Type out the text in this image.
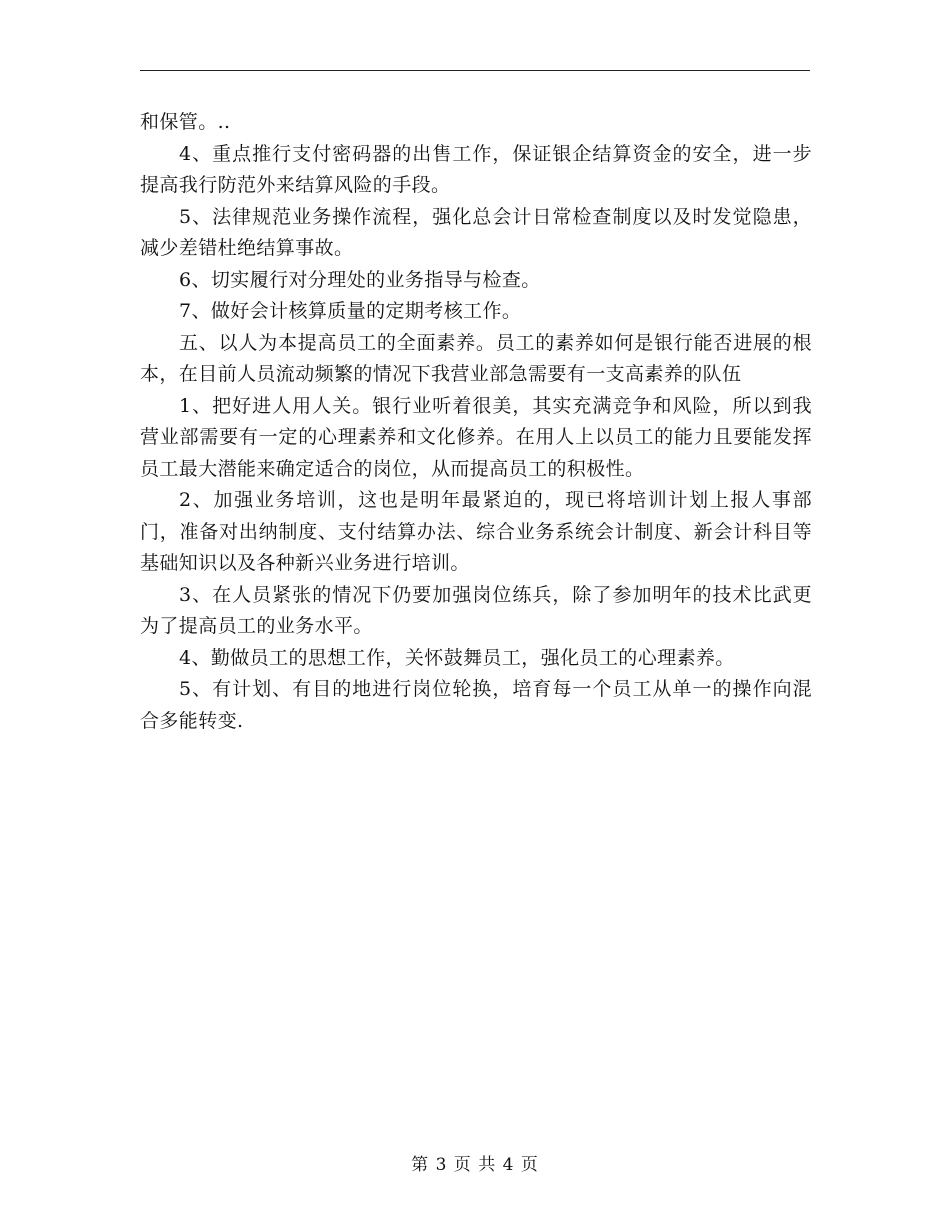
和保管。..

4、重点推行支付密码器的出售工作，保证银企结算资金的安全，进一步提高我行防范外来结算风险的手段。

5、法律规范业务操作流程，强化总会计日常检查制度以及时发觉隐患，减少差错杜绝结算事故。

6、切实履行对分理处的业务指导与检查。

7、做好会计核算质量的定期考核工作。

五、以人为本提高员工的全面素养。员工的素养如何是银行能否进展的根本，在目前人员流动频繁的情况下我营业部急需要有一支高素养的队伍

1、把好进人用人关。银行业听着很美，其实充满竞争和风险，所以到我营业部需要有一定的心理素养和文化修养。在用人上以员工的能力且要能发挥员工最大潜能来确定适合的岗位，从而提高员工的积极性。

2、加强业务培训，这也是明年最紧迫的，现已将培训计划上报人事部门，准备对出纳制度、支付结算办法、综合业务系统会计制度、新会计科目等基础知识以及各种新兴业务进行培训。

3、在人员紧张的情况下仍要加强岗位练兵，除了参加明年的技术比武更为了提高员工的业务水平。

4、勤做员工的思想工作，关怀鼓舞员工，强化员工的心理素养。

5、有计划、有目的地进行岗位轮换，培育每一个员工从单一的操作向混合多能转变.

第 3 页 共 4 页
